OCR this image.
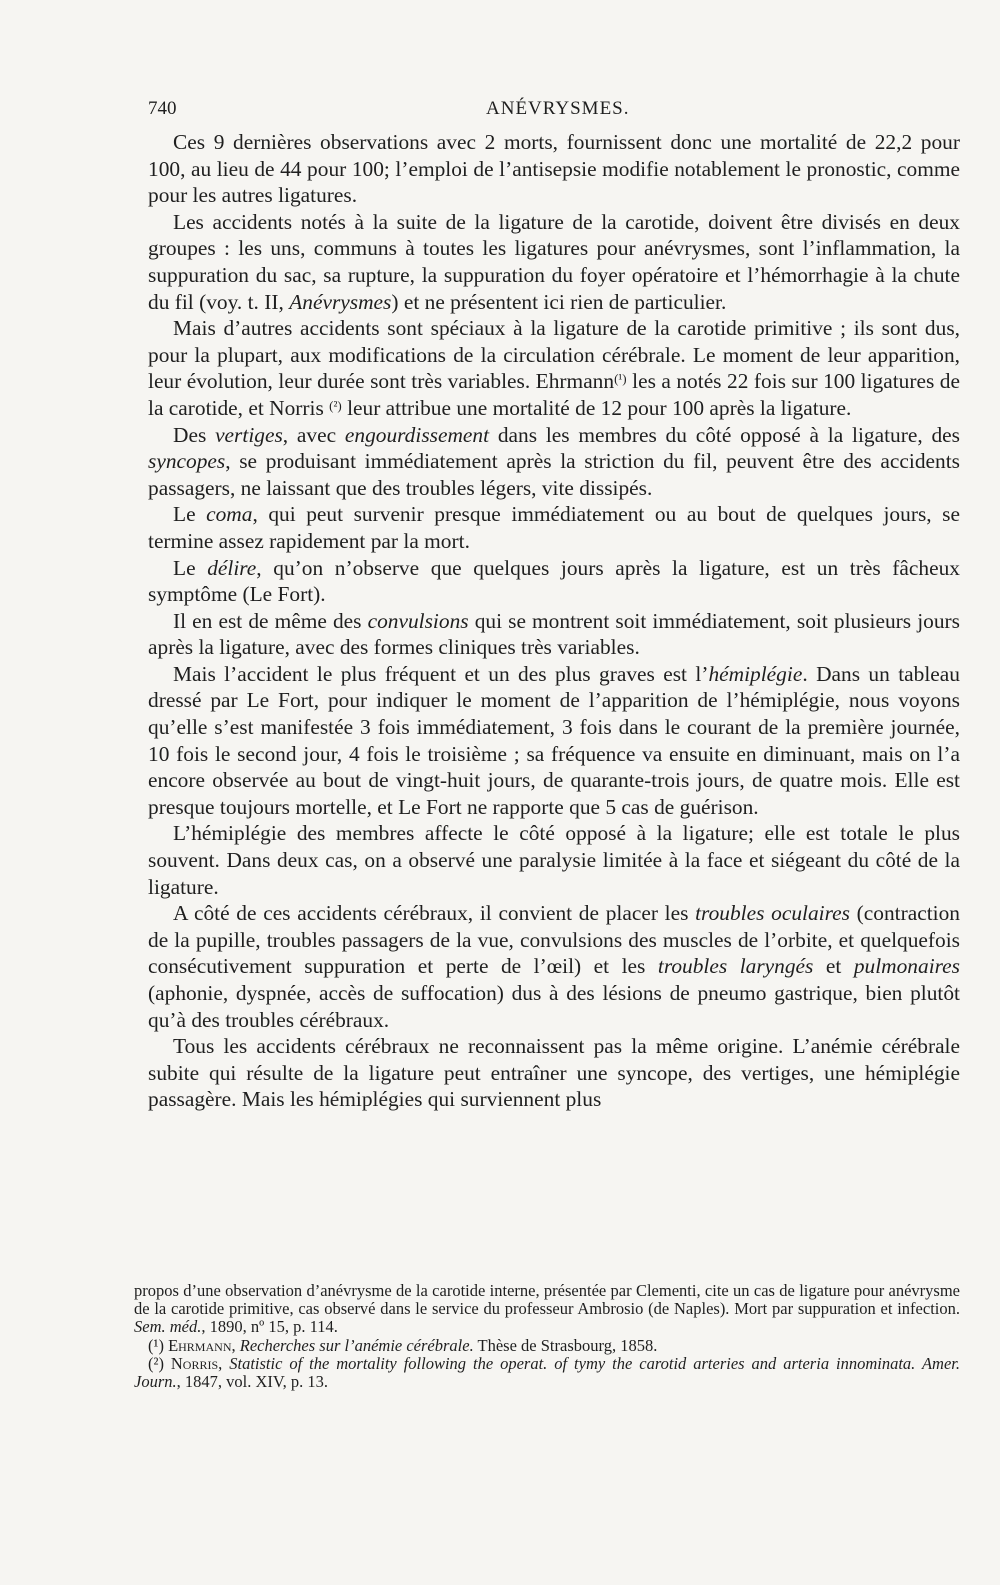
740	ANÉVRYSMES.

Ces 9 dernières observations avec 2 morts, fournissent donc une mortalité de 22,2 pour 100, au lieu de 44 pour 100; l’emploi de l’antisepsie modifie notablement le pronostic, comme pour les autres ligatures.

Les accidents notés à la suite de la ligature de la carotide, doivent être divisés en deux groupes : les uns, communs à toutes les ligatures pour anévrysmes, sont l’inflammation, la suppuration du sac, sa rupture, la suppuration du foyer opératoire et l’hémorrhagie à la chute du fil (voy. t. II, Anévrysmes) et ne présentent ici rien de particulier.

Mais d’autres accidents sont spéciaux à la ligature de la carotide primitive ; ils sont dus, pour la plupart, aux modifications de la circulation cérébrale. Le moment de leur apparition, leur évolution, leur durée sont très variables. Ehrmann$^{(^1)}$ les a notés 22 fois sur 100 ligatures de la carotide, et Norris $^{(^2)}$ leur attribue une mortalité de 12 pour 100 après la ligature.

Des vertiges, avec engourdissement dans les membres du côté opposé à la ligature, des syncopes, se produisant immédiatement après la striction du fil, peuvent être des accidents passagers, ne laissant que des troubles légers, vite dissipés.

Le coma, qui peut survenir presque immédiatement ou au bout de quelques jours, se termine assez rapidement par la mort.

Le délire, qu’on n’observe que quelques jours après la ligature, est un très fâcheux symptôme (Le Fort).

Il en est de même des convulsions qui se montrent soit immédiatement, soit plusieurs jours après la ligature, avec des formes cliniques très variables.

Mais l’accident le plus fréquent et un des plus graves est l’hémiplégie. Dans un tableau dressé par Le Fort, pour indiquer le moment de l’apparition de l’hémiplégie, nous voyons qu’elle s’est manifestée 3 fois immédiatement, 3 fois dans le courant de la première journée, 10 fois le second jour, 4 fois le troisième ; sa fréquence va ensuite en diminuant, mais on l’a encore observée au bout de vingt-huit jours, de quarante-trois jours, de quatre mois. Elle est presque toujours mortelle, et Le Fort ne rapporte que 5 cas de guérison.

L’hémiplégie des membres affecte le côté opposé à la ligature; elle est totale le plus souvent. Dans deux cas, on a observé une paralysie limitée à la face et siégeant du côté de la ligature.

A côté de ces accidents cérébraux, il convient de placer les troubles oculaires (contraction de la pupille, troubles passagers de la vue, convulsions des muscles de l’orbite, et quelquefois consécutivement suppuration et perte de l’œil) et les troubles laryngés et pulmonaires (aphonie, dyspnée, accès de suffocation) dus à des lésions de pneumo gastrique, bien plutôt qu’à des troubles cérébraux.

Tous les accidents cérébraux ne reconnaissent pas la même origine. L’anémie cérébrale subite qui résulte de la ligature peut entraîner une syncope, des vertiges, une hémiplégie passagère. Mais les hémiplégies qui surviennent plus

propos d’une observation d’anévrysme de la carotide interne, présentée par Clementi, cite un cas de ligature pour anévrysme de la carotide primitive, cas observé dans le service du professeur Ambrosio (de Naples). Mort par suppuration et infection. Sem. méd., 1890, nº 15, p. 114.

(¹) Ehrmann, Recherches sur l’anémie cérébrale. Thèse de Strasbourg, 1858.

(²) Norris, Statistic of the mortality following the operat. of tymy the carotid arteries and arteria innominata. Amer. Journ., 1847, vol. XIV, p. 13.
